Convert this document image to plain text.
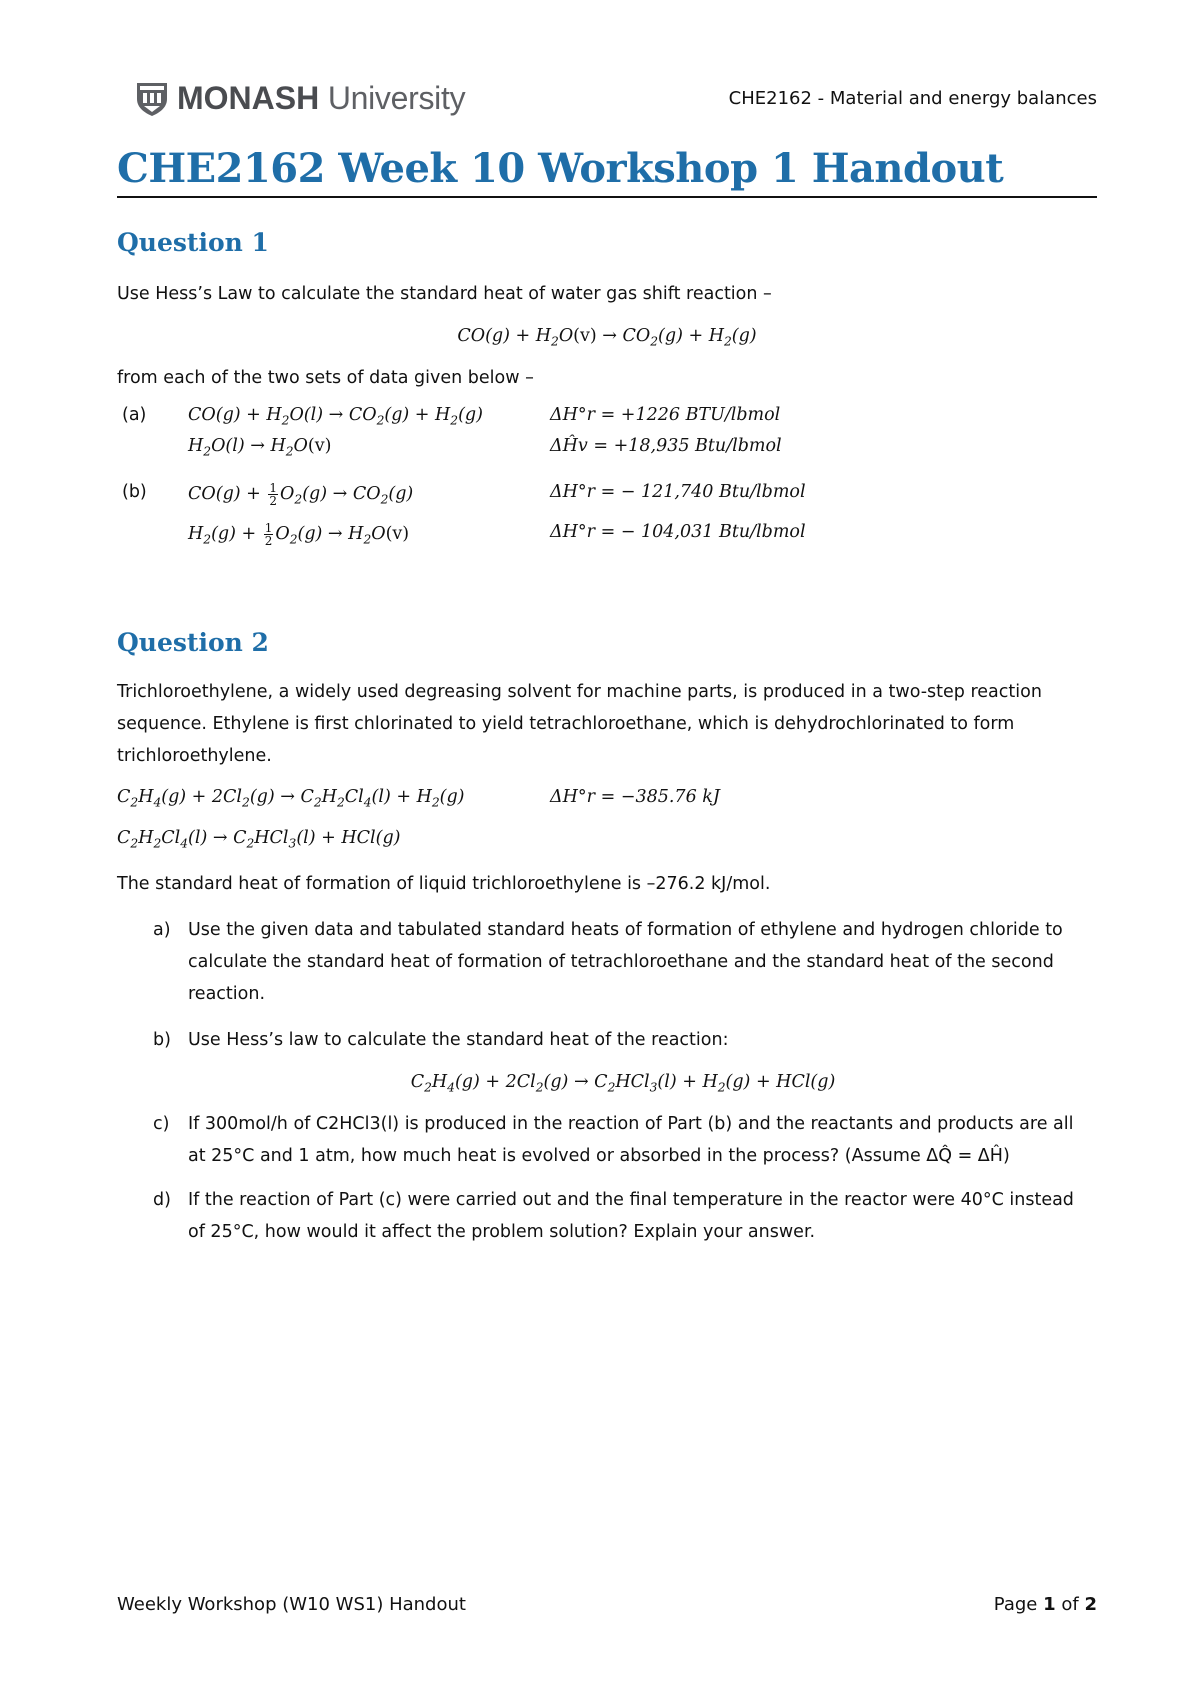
MONASH University	CHE2162 - Material and energy balances
CHE2162 Week 10 Workshop 1 Handout
Question 1
Use Hess’s Law to calculate the standard heat of water gas shift reaction –
$CO(g) + H_2O(v) \to CO_2(g) + H_2(g)$
from each of the two sets of data given below –
(a) $CO(g) + H_2O(l) \to CO_2(g) + H_2(g)$	ΔH°r = +1226 BTU/lbmol
$H_2O(l) \to H_2O(v)$	ΔĤv = +18,935 Btu/lbmol
(b) $CO(g) + \frac{1}{2} O_2(g) \to CO_2(g)$	ΔH°r = − 121,740 Btu/lbmol
$H_2(g) + \frac{1}{2} O_2(g) \to H_2O(v)$	ΔH°r = − 104,031 Btu/lbmol
Question 2
Trichloroethylene, a widely used degreasing solvent for machine parts, is produced in a two-step reaction sequence. Ethylene is first chlorinated to yield tetrachloroethane, which is dehydrochlorinated to form trichloroethylene.
$C_2H_4(g) + 2Cl_2(g) \to C_2H_2Cl_4(l) + H_2(g)$	ΔH°r = −385.76 kJ
$C_2H_2Cl_4(l) \to C_2HCl_3(l) + HCl(g)$
The standard heat of formation of liquid trichloroethylene is –276.2 kJ/mol.
a) Use the given data and tabulated standard heats of formation of ethylene and hydrogen chloride to calculate the standard heat of formation of tetrachloroethane and the standard heat of the second reaction.
b) Use Hess’s law to calculate the standard heat of the reaction:
$C_2H_4(g) + 2Cl_2(g) \to C_2HCl_3(l) + H_2(g) + HCl(g)$
c) If 300mol/h of C2HCl3(l) is produced in the reaction of Part (b) and the reactants and products are all at 25°C and 1 atm, how much heat is evolved or absorbed in the process? (Assume ΔQ̂ = ΔĤ)
d) If the reaction of Part (c) were carried out and the final temperature in the reactor were 40°C instead of 25°C, how would it affect the problem solution? Explain your answer.
Weekly Workshop (W10 WS1) Handout	Page 1 of 2
